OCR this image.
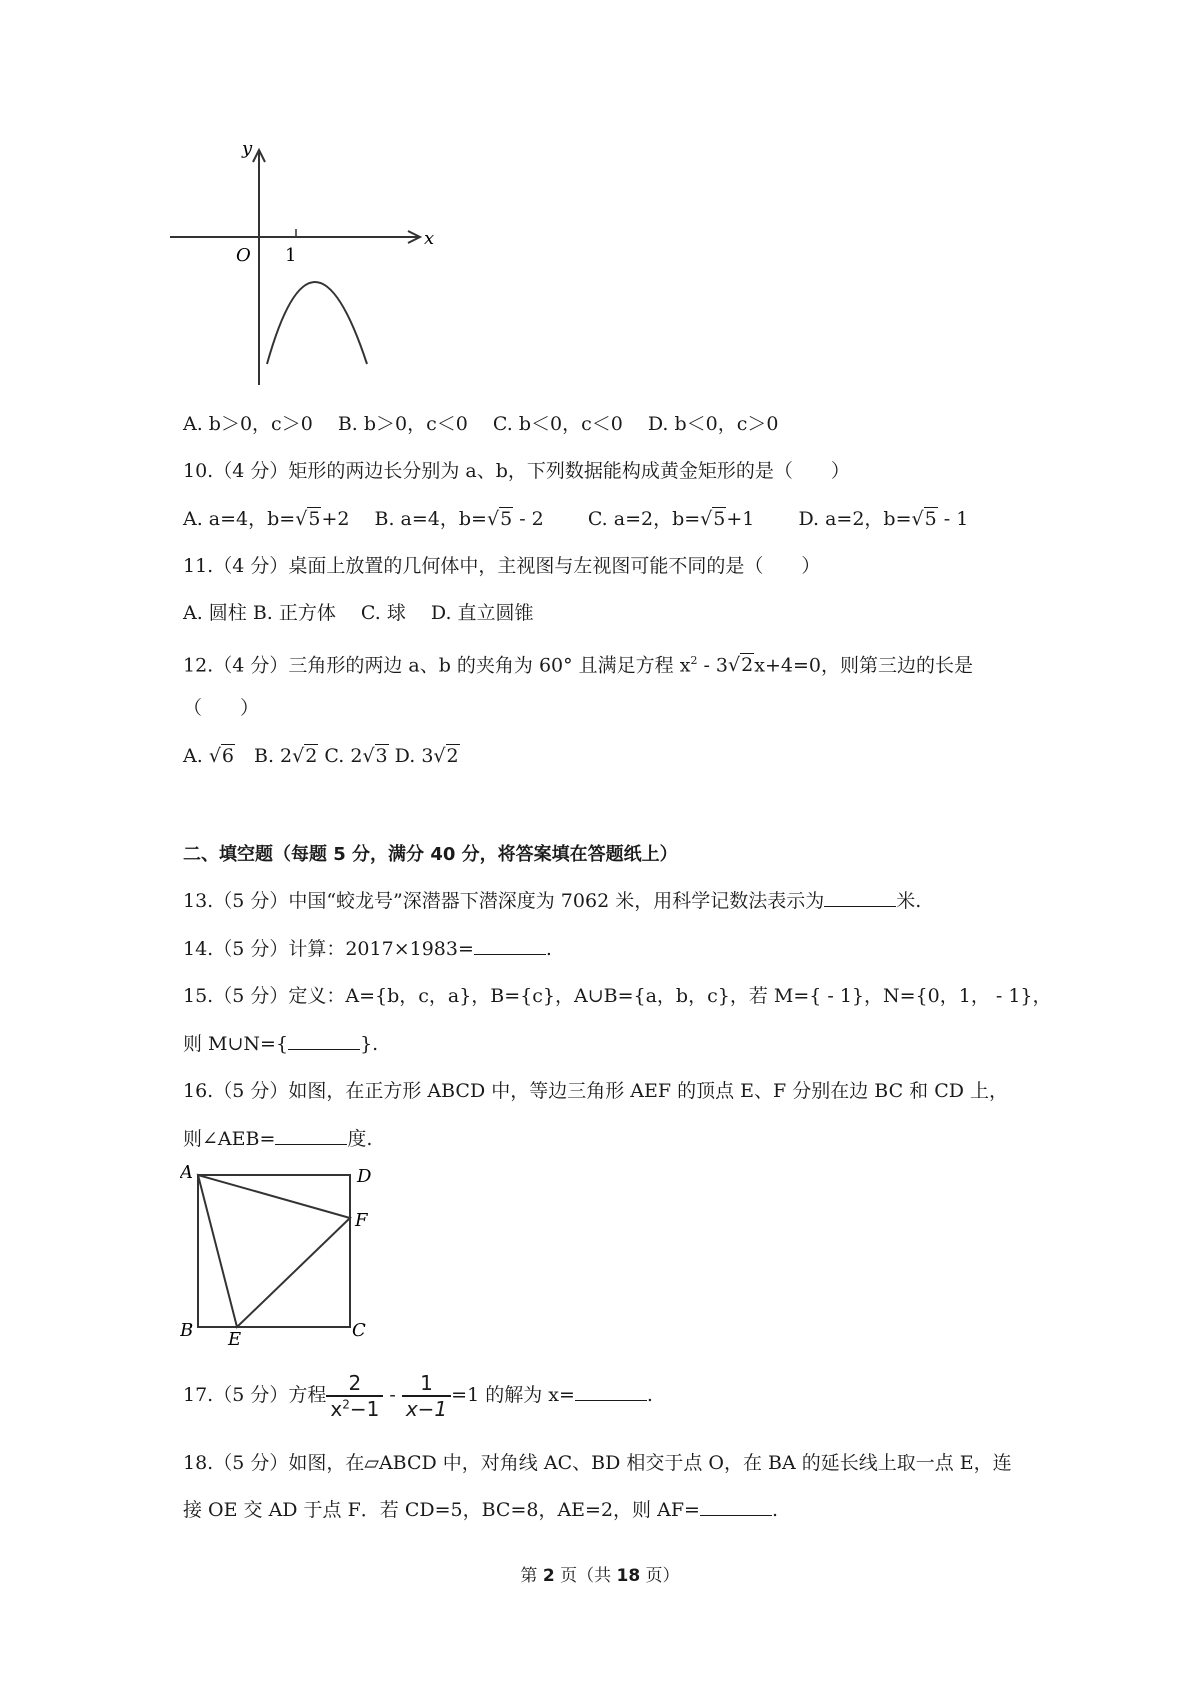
y
x
O 1
A. b＞0，c＞0　 B. b＞0，c＜0　 C. b＜0，c＜0　 D. b＜0，c＞0
10.（4 分）矩形的两边长分别为 a、b，下列数据能构成黄金矩形的是（　　）
A. a=4，b=√5+2　 B. a=4，b=√5 - 2　　 C. a=2，b=√5+1　　 D. a=2，b=√5 - 1
11.（4 分）桌面上放置的几何体中，主视图与左视图可能不同的是（　　）
A. 圆柱 B. 正方体　 C. 球　 D. 直立圆锥
12.（4 分）三角形的两边 a、b 的夹角为 60° 且满足方程 $x^2 - 3√2x+4=0$，则第三边的长是
（　　）
A. √6　B. 2√2 C. 2√3 D. 3√2
二、填空题（每题 5 分，满分 40 分，将答案填在答题纸上）
13.（5 分）中国“蛟龙号”深潜器下潜深度为 7062 米，用科学记数法表示为	米.
14.（5 分）计算：2017×1983=	.
15.（5 分）定义：A={b，c，a}，B={c}，A∪B={a，b，c}，若 M={ - 1}，N={0，1， - 1}，
则 M∪N={	}.
16.（5 分）如图，在正方形 ABCD 中，等边三角形 AEF 的顶点 E、F 分别在边 BC 和 CD 上，
则∠AEB=	度.
A	D
F
B E	C
17.（5 分）方程 $\frac{2}{x^2-1} - \frac{1}{x-1} =1$ 的解为 x=	.
18.（5 分）如图，在▱ABCD 中，对角线 AC、BD 相交于点 O，在 BA 的延长线上取一点 E，连
接 OE 交 AD 于点 F．若 CD=5，BC=8，AE=2，则 AF=	.
第 2 页（共 18 页）
